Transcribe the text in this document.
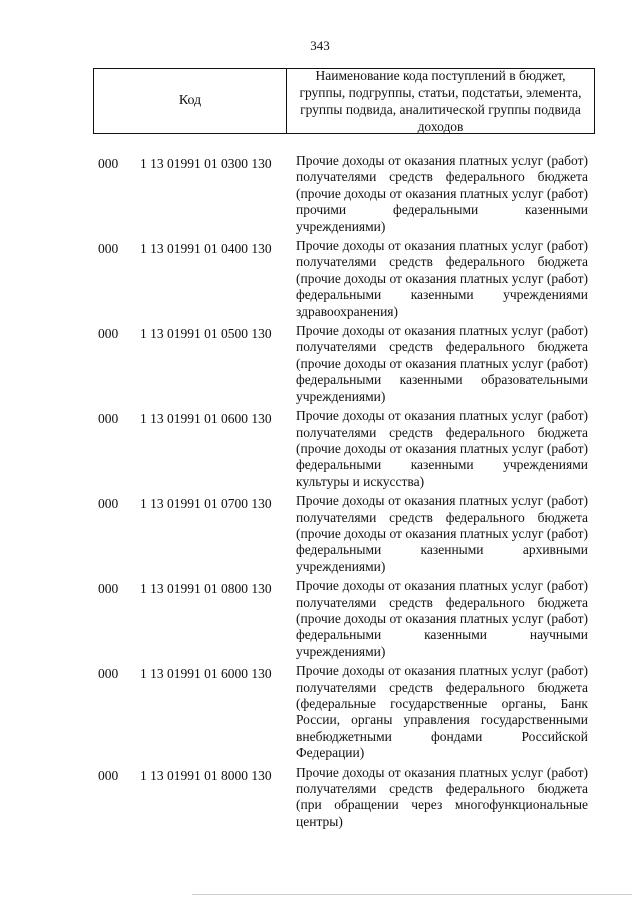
343
Код
Наименование кода поступлений в бюджет, группы, подгруппы, статьи, подстатьи, элемента, группы подвида, аналитической группы подвида доходов
000	1 13 01991 01 0300 130	Прочие доходы от оказания платных услуг (работ) получателями средств федерального бюджета (прочие доходы от оказания платных услуг (работ) прочими федеральными казенными учреждениями)
000	1 13 01991 01 0400 130	Прочие доходы от оказания платных услуг (работ) получателями средств федерального бюджета (прочие доходы от оказания платных услуг (работ) федеральными казенными учреждениями здравоохранения)
000	1 13 01991 01 0500 130	Прочие доходы от оказания платных услуг (работ) получателями средств федерального бюджета (прочие доходы от оказания платных услуг (работ) федеральными казенными образовательными учреждениями)
000	1 13 01991 01 0600 130	Прочие доходы от оказания платных услуг (работ) получателями средств федерального бюджета (прочие доходы от оказания платных услуг (работ) федеральными казенными учреждениями культуры и искусства)
000	1 13 01991 01 0700 130	Прочие доходы от оказания платных услуг (работ) получателями средств федерального бюджета (прочие доходы от оказания платных услуг (работ) федеральными казенными архивными учреждениями)
000	1 13 01991 01 0800 130	Прочие доходы от оказания платных услуг (работ) получателями средств федерального бюджета (прочие доходы от оказания платных услуг (работ) федеральными казенными научными учреждениями)
000	1 13 01991 01 6000 130	Прочие доходы от оказания платных услуг (работ) получателями средств федерального бюджета (федеральные государственные органы, Банк России, органы управления государственными внебюджетными фондами Российской Федерации)
000	1 13 01991 01 8000 130	Прочие доходы от оказания платных услуг (работ) получателями средств федерального бюджета (при обращении через многофункциональные центры)
